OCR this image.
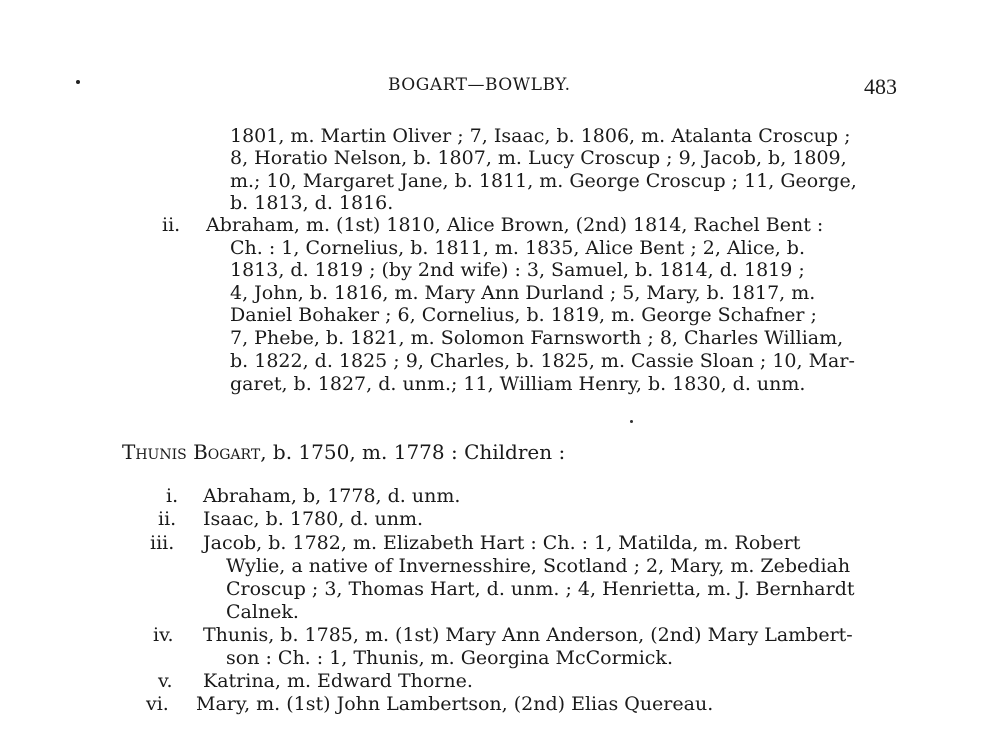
BOGART—BOWLBY.	483
1801, m. Martin Oliver ; 7, Isaac, b. 1806, m. Atalanta Croscup ;
8, Horatio Nelson, b. 1807, m. Lucy Croscup ; 9, Jacob, b, 1809,
m.; 10, Margaret Jane, b. 1811, m. George Croscup ; 11, George,
b. 1813, d. 1816.
ii. Abraham, m. (1st) 1810, Alice Brown, (2nd) 1814, Rachel Bent :
Ch. : 1, Cornelius, b. 1811, m. 1835, Alice Bent ; 2, Alice, b.
1813, d. 1819 ; (by 2nd wife) : 3, Samuel, b. 1814, d. 1819 ;
4, John, b. 1816, m. Mary Ann Durland ; 5, Mary, b. 1817, m.
Daniel Bohaker ; 6, Cornelius, b. 1819, m. George Schafner ;
7, Phebe, b. 1821, m. Solomon Farnsworth ; 8, Charles William,
b. 1822, d. 1825 ; 9, Charles, b. 1825, m. Cassie Sloan ; 10, Mar-
garet, b. 1827, d. unm.; 11, William Henry, b. 1830, d. unm.
Thunis Bogart, b. 1750, m. 1778 : Children :
i. Abraham, b, 1778, d. unm.
ii. Isaac, b. 1780, d. unm.
iii. Jacob, b. 1782, m. Elizabeth Hart : Ch. : 1, Matilda, m. Robert
Wylie, a native of Invernesshire, Scotland ; 2, Mary, m. Zebediah
Croscup ; 3, Thomas Hart, d. unm. ; 4, Henrietta, m. J. Bernhardt
Calnek.
iv. Thunis, b. 1785, m. (1st) Mary Ann Anderson, (2nd) Mary Lambert-
son : Ch. : 1, Thunis, m. Georgina McCormick.
v. Katrina, m. Edward Thorne.
vi. Mary, m. (1st) John Lambertson, (2nd) Elias Quereau.
